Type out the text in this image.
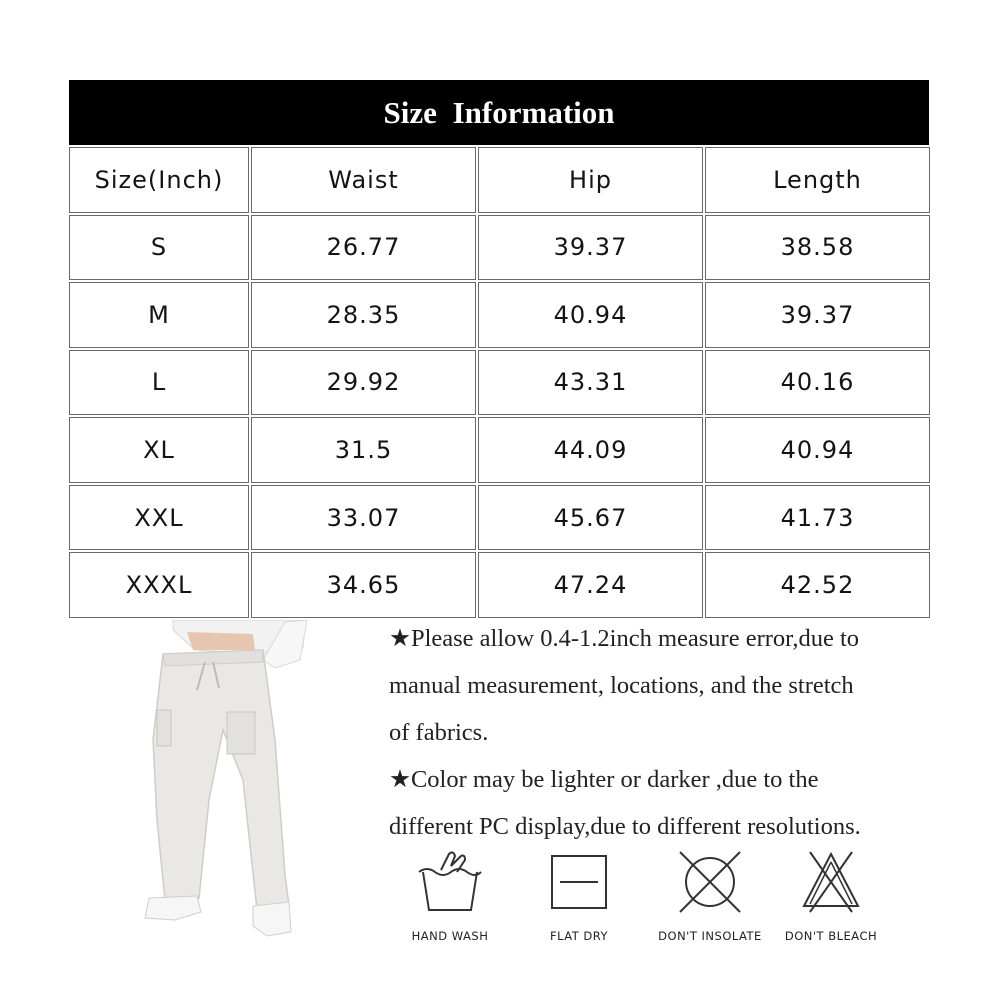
Size Information
Size(Inch)	Waist	Hip	Length
S	26.77	39.37	38.58
M	28.35	40.94	39.37
L	29.92	43.31	40.16
XL	31.5	44.09	40.94
XXL	33.07	45.67	41.73
XXXL	34.65	47.24	42.52

★Please allow 0.4-1.2inch measure error,due to

manual measurement, locations, and the stretch

of fabrics.

★Color may be lighter or darker ,due to the

different PC display,due to different resolutions.

HAND WASH	FLAT DRY	DON'T INSOLATE	DON'T BLEACH
